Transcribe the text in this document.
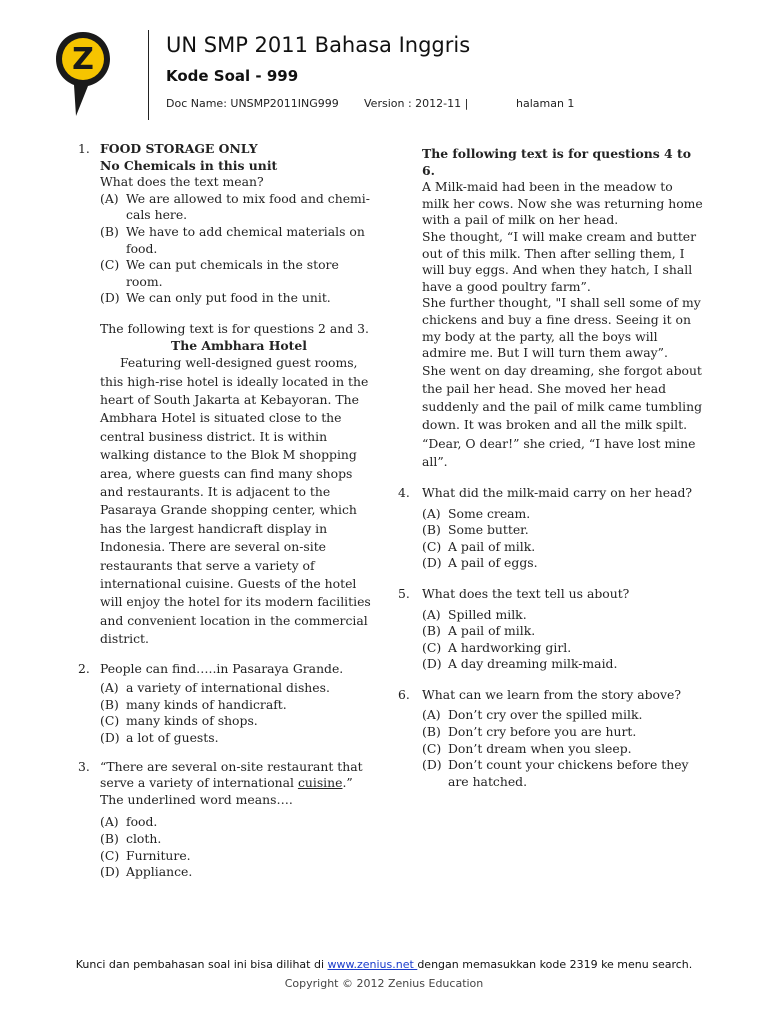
Z	UN SMP 2011 Bahasa Inggris
Kode Soal - 999
Doc Name: UNSMP2011ING999 Version : 2012-11 |	halaman 1
1. FOOD STORAGE ONLY

No Chemicals in this unit

What does the text mean?

(A) We are allowed to mix food and chemi-cals here.
(B) We have to add chemical materials on food.
(C) We can put chemicals in the store room.
(D) We can only put food in the unit.

The following text is for questions 2 and 3.

The Ambhara Hotel

Featuring well-designed guest rooms, this high-rise hotel is ideally located in the heart of South Jakarta at Kebayoran. The Ambhara Hotel is situated close to the central business district. It is within walking distance to the Blok M shopping area, where guests can find many shops and restaurants. It is adjacent to the Pasaraya Grande shopping center, which has the largest handicraft display in Indonesia. There are several on-site restaurants that serve a variety of international cuisine. Guests of the hotel will enjoy the hotel for its modern facilities and convenient location in the commercial district.

2. People can find…..in Pasaraya Grande.

(A) a variety of international dishes.
(B) many kinds of handicraft.
(C) many kinds of shops.
(D) a lot of guests.
3. “There are several on-site restaurant that serve a variety of international cuisine.” The underlined word means….

(A) food.
(B) cloth.
(C) Furniture.
(D) Appliance.

The following text is for questions 4 to 6.

A Milk-maid had been in the meadow to milk her cows. Now she was returning home with a pail of milk on her head.

She thought, “I will make cream and butter out of this milk. Then after selling them, I will buy eggs. And when they hatch, I shall have a good poultry farm”.

She further thought, "I shall sell some of my chickens and buy a fine dress. Seeing it on my body at the party, all the boys will admire me. But I will turn them away”.

She went on day dreaming, she forgot about the pail her head. She moved her head suddenly and the pail of milk came tumbling down. It was broken and all the milk spilt. “Dear, O dear!” she cried, “I have lost mine all”.

4. What did the milk-maid carry on her head?

(A) Some cream.
(B) Some butter.
(C) A pail of milk.
(D) A pail of eggs.
5. What does the text tell us about?

(A) Spilled milk.
(B) A pail of milk.
(C) A hardworking girl.
(D) A day dreaming milk-maid.
6. What can we learn from the story above?

(A) Don’t cry over the spilled milk.
(B) Don’t cry before you are hurt.
(C) Don’t dream when you sleep.
(D) Don’t count your chickens before they are hatched.
Kunci dan pembahasan soal ini bisa dilihat di www.zenius.net dengan memasukkan kode 2319 ke menu search.
Copyright © 2012 Zenius Education
